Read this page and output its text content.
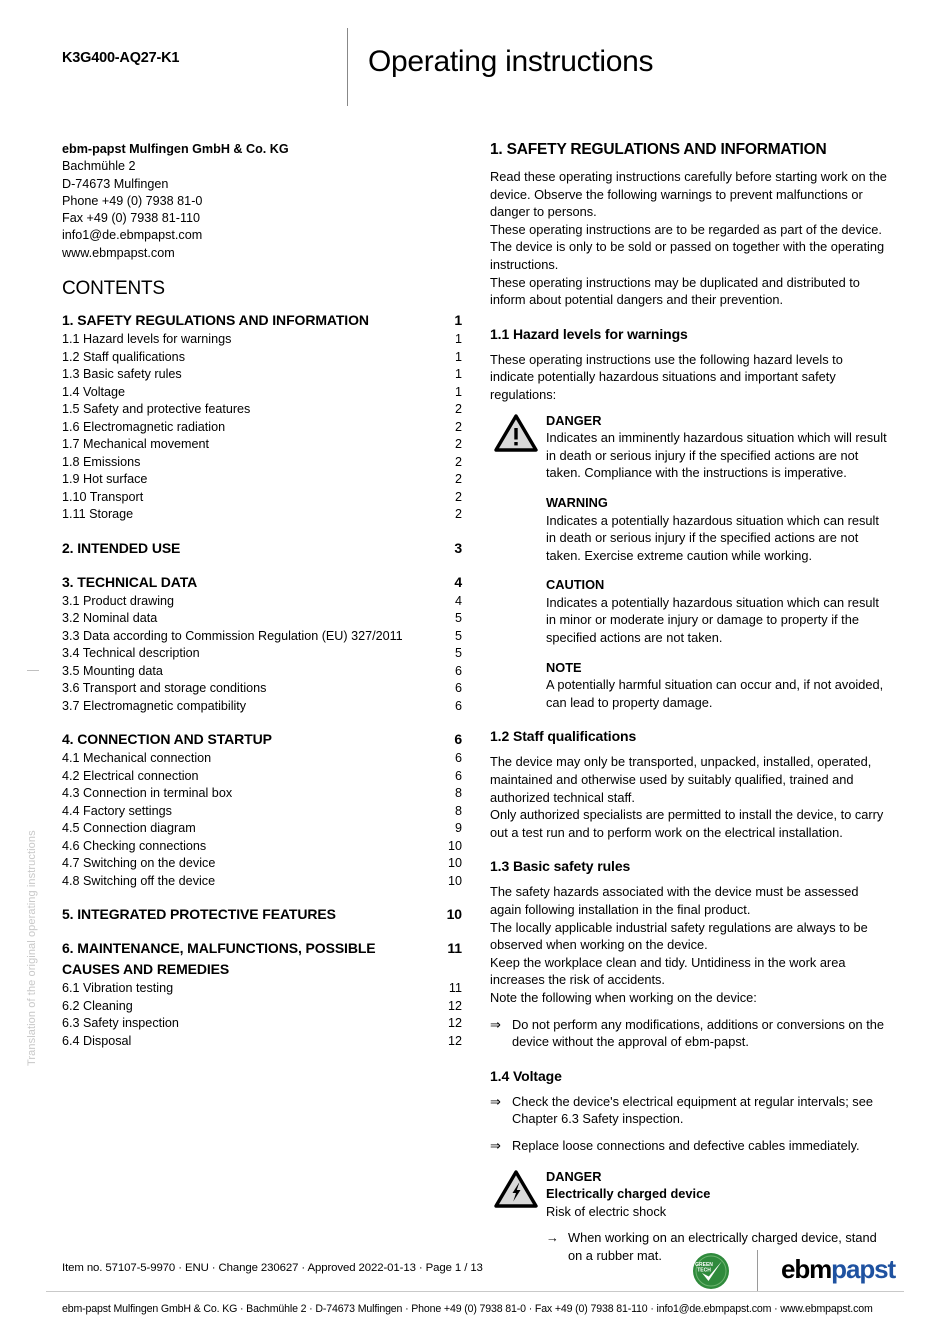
K3G400-AQ27-K1	Operating instructions
Translation of the original operating instructions
ebm-papst Mulfingen GmbH & Co. KG
Bachmühle 2
D-74673 Mulfingen
Phone +49 (0) 7938 81-0
Fax +49 (0) 7938 81-110
info1@de.ebmpapst.com
www.ebmpapst.com
CONTENTS
1. SAFETY REGULATIONS AND INFORMATION	1
1.1 Hazard levels for warnings	1
1.2 Staff qualifications	1
1.3 Basic safety rules	1
1.4 Voltage	1
1.5 Safety and protective features	2
1.6 Electromagnetic radiation	2
1.7 Mechanical movement	2
1.8 Emissions	2
1.9 Hot surface	2
1.10 Transport	2
1.11 Storage	2
2. INTENDED USE	3
3. TECHNICAL DATA	4
3.1 Product drawing	4
3.2 Nominal data	5
3.3 Data according to Commission Regulation (EU) 327/2011	5
3.4 Technical description	5
3.5 Mounting data	6
3.6 Transport and storage conditions	6
3.7 Electromagnetic compatibility	6
4. CONNECTION AND STARTUP	6
4.1 Mechanical connection	6
4.2 Electrical connection	6
4.3 Connection in terminal box	8
4.4 Factory settings	8
4.5 Connection diagram	9
4.6 Checking connections	10
4.7 Switching on the device	10
4.8 Switching off the device	10
5. INTEGRATED PROTECTIVE FEATURES	10
6. MAINTENANCE, MALFUNCTIONS, POSSIBLE	11
CAUSES AND REMEDIES
6.1 Vibration testing	11
6.2 Cleaning	12
6.3 Safety inspection	12
6.4 Disposal	12
1. SAFETY REGULATIONS AND INFORMATION
Read these operating instructions carefully before starting work on the device. Observe the following warnings to prevent malfunctions or danger to persons.
These operating instructions are to be regarded as part of the device. The device is only to be sold or passed on together with the operating instructions.
These operating instructions may be duplicated and distributed to inform about potential dangers and their prevention.
1.1 Hazard levels for warnings
These operating instructions use the following hazard levels to indicate potentially hazardous situations and important safety regulations:
DANGER
Indicates an imminently hazardous situation which will result in death or serious injury if the specified actions are not taken. Compliance with the instructions is imperative.
WARNING
Indicates a potentially hazardous situation which can result in death or serious injury if the specified actions are not taken. Exercise extreme caution while working.
CAUTION
Indicates a potentially hazardous situation which can result in minor or moderate injury or damage to property if the specified actions are not taken.
NOTE
A potentially harmful situation can occur and, if not avoided, can lead to property damage.
1.2 Staff qualifications
The device may only be transported, unpacked, installed, operated, maintained and otherwise used by suitably qualified, trained and authorized technical staff.
Only authorized specialists are permitted to install the device, to carry out a test run and to perform work on the electrical installation.
1.3 Basic safety rules
The safety hazards associated with the device must be assessed again following installation in the final product.
The locally applicable industrial safety regulations are always to be observed when working on the device.
Keep the workplace clean and tidy. Untidiness in the work area increases the risk of accidents.
Note the following when working on the device:
⇒ Do not perform any modifications, additions or conversions on the device without the approval of ebm-papst.
1.4 Voltage
⇒ Check the device's electrical equipment at regular intervals; see Chapter 6.3 Safety inspection.
⇒ Replace loose connections and defective cables immediately.
DANGER
Electrically charged device
Risk of electric shock
→ When working on an electrically charged device, stand on a rubber mat.
Item no. 57107-5-9970 · ENU · Change 230627 · Approved 2022-01-13 · Page 1 / 13	GREEN
TECH	ebmpapst
ebm-papst Mulfingen GmbH & Co. KG · Bachmühle 2 · D-74673 Mulfingen · Phone +49 (0) 7938 81-0 · Fax +49 (0) 7938 81-110 · info1@de.ebmpapst.com · www.ebmpapst.com
